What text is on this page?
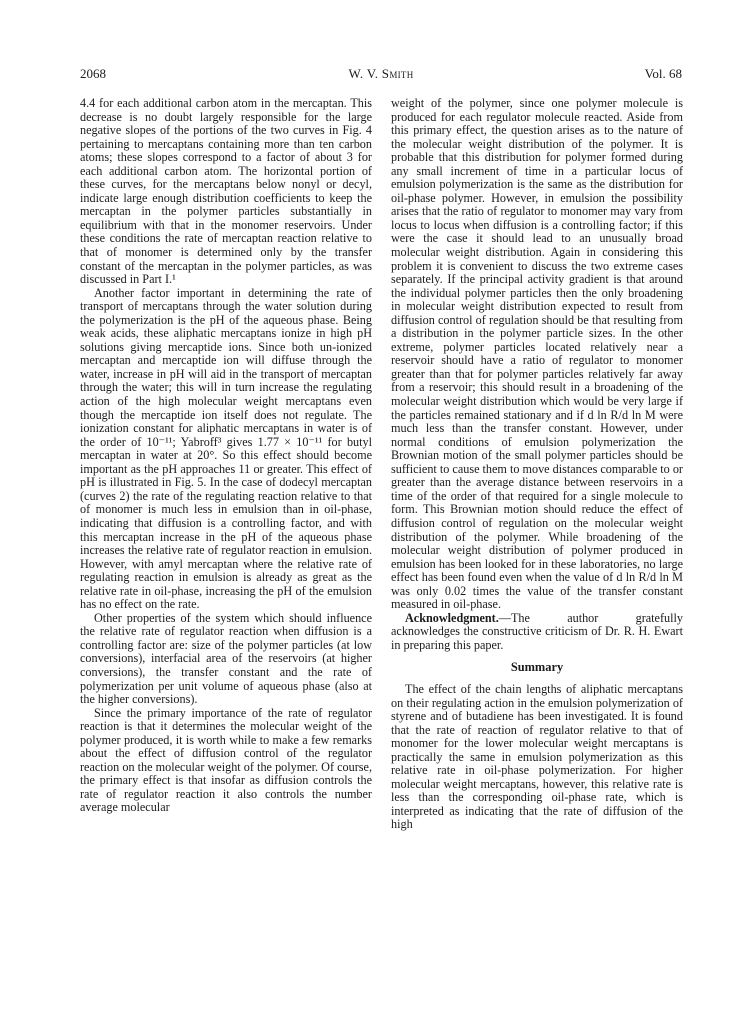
2068	W. V. Smith	Vol. 68

4.4 for each additional carbon atom in the mercaptan. This decrease is no doubt largely responsible for the large negative slopes of the portions of the two curves in Fig. 4 pertaining to mercaptans containing more than ten carbon atoms; these slopes correspond to a factor of about 3 for each additional carbon atom. The horizontal portion of these curves, for the mercaptans below nonyl or decyl, indicate large enough distribution coefficients to keep the mercaptan in the polymer particles substantially in equilibrium with that in the monomer reservoirs. Under these conditions the rate of mercaptan reaction relative to that of monomer is determined only by the transfer constant of the mercaptan in the polymer particles, as was discussed in Part I.¹

Another factor important in determining the rate of transport of mercaptans through the water solution during the polymerization is the pH of the aqueous phase. Being weak acids, these aliphatic mercaptans ionize in high pH solutions giving mercaptide ions. Since both un-ionized mercaptan and mercaptide ion will diffuse through the water, increase in pH will aid in the transport of mercaptan through the water; this will in turn increase the regulating action of the high molecular weight mercaptans even though the mercaptide ion itself does not regulate. The ionization constant for aliphatic mercaptans in water is of the order of 10⁻¹¹; Yabroff³ gives 1.77 × 10⁻¹¹ for butyl mercaptan in water at 20°. So this effect should become important as the pH approaches 11 or greater. This effect of pH is illustrated in Fig. 5. In the case of dodecyl mercaptan (curves 2) the rate of the regulating reaction relative to that of monomer is much less in emulsion than in oil-phase, indicating that diffusion is a controlling factor, and with this mercaptan increase in the pH of the aqueous phase increases the relative rate of regulator reaction in emulsion. However, with amyl mercaptan where the relative rate of regulating reaction in emulsion is already as great as the relative rate in oil-phase, increasing the pH of the emulsion has no effect on the rate.

Other properties of the system which should influence the relative rate of regulator reaction when diffusion is a controlling factor are: size of the polymer particles (at low conversions), interfacial area of the reservoirs (at higher conversions), the transfer constant and the rate of polymerization per unit volume of aqueous phase (also at the higher conversions).

Since the primary importance of the rate of regulator reaction is that it determines the molecular weight of the polymer produced, it is worth while to make a few remarks about the effect of diffusion control of the regulator reaction on the molecular weight of the polymer. Of course, the primary effect is that insofar as diffusion controls the rate of regulator reaction it also controls the number average molecular

weight of the polymer, since one polymer molecule is produced for each regulator molecule reacted. Aside from this primary effect, the question arises as to the nature of the molecular weight distribution of the polymer. It is probable that this distribution for polymer formed during any small increment of time in a particular locus of emulsion polymerization is the same as the distribution for oil-phase polymer. However, in emulsion the possibility arises that the ratio of regulator to monomer may vary from locus to locus when diffusion is a controlling factor; if this were the case it should lead to an unusually broad molecular weight distribution. Again in considering this problem it is convenient to discuss the two extreme cases separately. If the principal activity gradient is that around the individual polymer particles then the only broadening in molecular weight distribution expected to result from diffusion control of regulation should be that resulting from a distribution in the polymer particle sizes. In the other extreme, polymer particles located relatively near a reservoir should have a ratio of regulator to monomer greater than that for polymer particles relatively far away from a reservoir; this should result in a broadening of the molecular weight distribution which would be very large if the particles remained stationary and if d ln R/d ln M were much less than the transfer constant. However, under normal conditions of emulsion polymerization the Brownian motion of the small polymer particles should be sufficient to cause them to move distances comparable to or greater than the average distance between reservoirs in a time of the order of that required for a single molecule to form. This Brownian motion should reduce the effect of diffusion control of regulation on the molecular weight distribution of the polymer. While broadening of the molecular weight distribution of polymer produced in emulsion has been looked for in these laboratories, no large effect has been found even when the value of d ln R/d ln M was only 0.02 times the value of the transfer constant measured in oil-phase.

Acknowledgment.—The author gratefully acknowledges the constructive criticism of Dr. R. H. Ewart in preparing this paper.

Summary

The effect of the chain lengths of aliphatic mercaptans on their regulating action in the emulsion polymerization of styrene and of butadiene has been investigated. It is found that the rate of reaction of regulator relative to that of monomer for the lower molecular weight mercaptans is practically the same in emulsion polymerization as this relative rate in oil-phase polymerization. For higher molecular weight mercaptans, however, this relative rate is less than the corresponding oil-phase rate, which is interpreted as indicating that the rate of diffusion of the high
